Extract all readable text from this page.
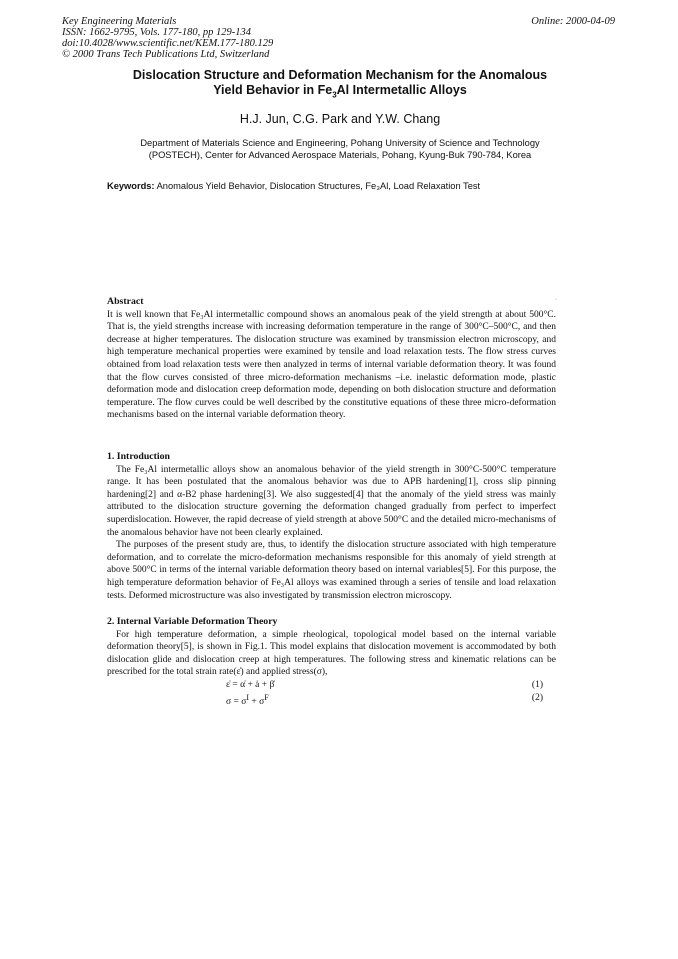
Key Engineering Materials
ISSN: 1662-9795, Vols. 177-180, pp 129-134
doi:10.4028/www.scientific.net/KEM.177-180.129
© 2000 Trans Tech Publications Ltd, Switzerland
Online: 2000-04-09
Dislocation Structure and Deformation Mechanism for the Anomalous
Yield Behavior in $Fe_3Al$ Intermetallic Alloys
H.J. Jun, C.G. Park and Y.W. Chang
Department of Materials Science and Engineering, Pohang University of Science and Technology
(POSTECH), Center for Advanced Aerospace Materials, Pohang, Kyung-Buk 790-784, Korea
Keywords: Anomalous Yield Behavior, Dislocation Structures, Fe₃Al, Load Relaxation Test
·
Abstract

It is well known that Fe₃Al intermetallic compound shows an anomalous peak of the yield strength at about 500°C. That is, the yield strengths increase with increasing deformation temperature in the range of 300°C–500°C, and then decrease at higher temperatures. The dislocation structure was examined by transmission electron microscopy, and high temperature mechanical properties were examined by tensile and load relaxation tests. The flow stress curves obtained from load relaxation tests were then analyzed in terms of internal variable deformation theory. It was found that the flow curves consisted of three micro-deformation mechanisms –i.e. inelastic deformation mode, plastic deformation mode and dislocation creep deformation mode, depending on both dislocation structure and deformation temperature. The flow curves could be well described by the constitutive equations of these three micro-deformation mechanisms based on the internal variable deformation theory.

1. Introduction

The Fe₃Al intermetallic alloys show an anomalous behavior of the yield strength in 300°C-500°C temperature range. It has been postulated that the anomalous behavior was due to APB hardening[1], cross slip pinning hardening[2] and α-B2 phase hardening[3]. We also suggested[4] that the anomaly of the yield stress was mainly attributed to the dislocation structure governing the deformation changed gradually from perfect to imperfect superdislocation. However, the rapid decrease of yield strength at above 500°C and the detailed micro-mechanisms of the anomalous behavior have not been clearly explained.

The purposes of the present study are, thus, to identify the dislocation structure associated with high temperature deformation, and to correlate the micro-deformation mechanisms responsible for this anomaly of yield strength at above 500°C in terms of the internal variable deformation theory based on internal variables[5]. For this purpose, the high temperature deformation behavior of Fe₃Al alloys was examined through a series of tensile and load relaxation tests. Deformed microstructure was also investigated by transmission electron microscopy.

2. Internal Variable Deformation Theory

For high temperature deformation, a simple rheological, topological model based on the internal variable deformation theory[5], is shown in Fig.1. This model explains that dislocation movement is accommodated by both dislocation glide and dislocation creep at high temperatures. The following stress and kinematic relations can be prescribed for the total strain rate(ε̇) and applied stress(σ),

ε̇ = α̇ + ȧ + β̇	(1)
$\sigma = \sigma^I + \sigma^F$	(2)
